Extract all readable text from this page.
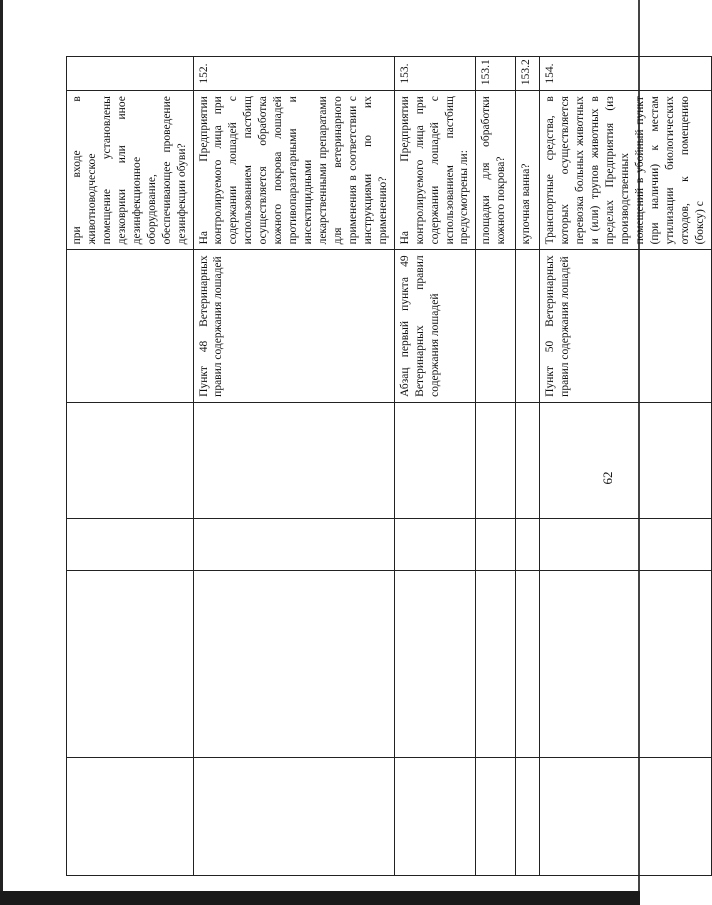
62
					при входе в животноводческое помещение установлены дезковрики или иное дезинфекционное оборудование, обеспечивающее проведение дезинфекции обуви?	
				Пункт 48 Ветеринарных правил содержания лошадей	На Предприятии контролируемого лица при содержании лошадей с использованием пастбищ осуществляется обработка кожного покрова лошадей противопаразитарными и инсектицидными лекарственными препаратами для ветеринарного применения в соответствии с инструкциями по их применению?	152.
				Абзац первый пункта 49 Ветеринарных правил содержания лошадей	На Предприятии контролируемого лица при содержании лошадей с использованием пастбищ предусмотрены ли:	153.
					площадки для обработки кожного покрова?	153.1
					купочная ванна?	153.2
				Пункт 50 Ветеринарных правил содержания лошадей	Транспортные средства, в которых осуществляется перевозка больных животных и (или) трупов животных в пределах Предприятия (из производственных помещений в убойный пункт (при наличии) к местам утилизации биологических отходов, к помещению (боксу) с	154.
